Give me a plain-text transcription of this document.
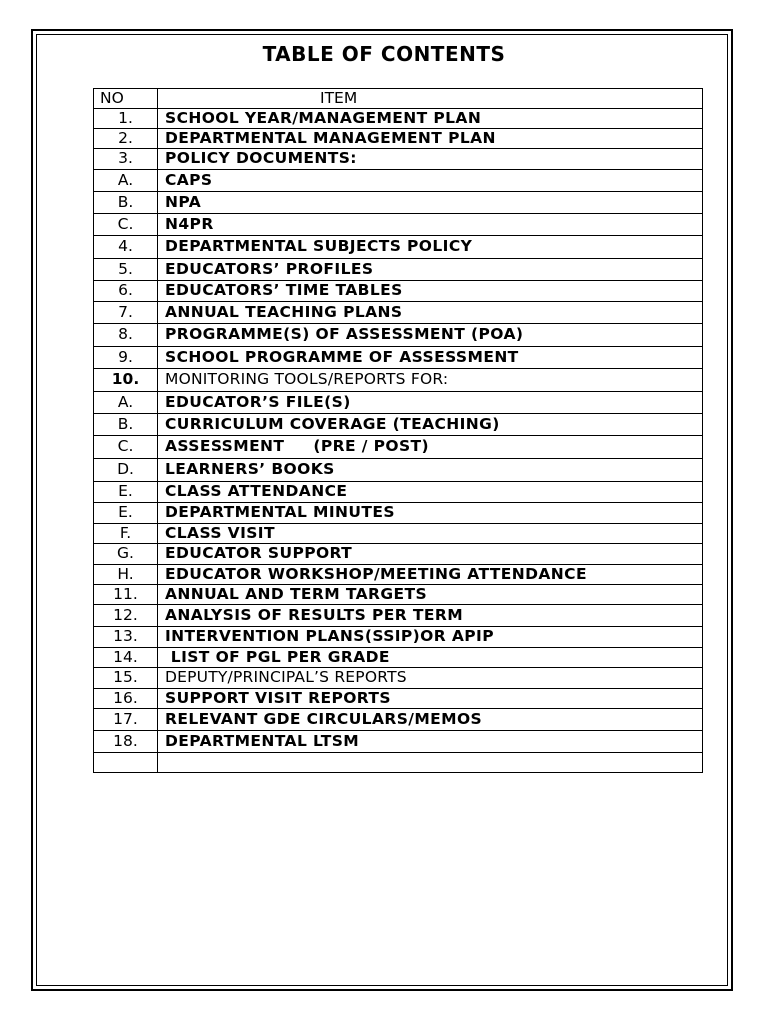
TABLE OF CONTENTS
NO	ITEM
1.	SCHOOL YEAR/MANAGEMENT PLAN
2.	DEPARTMENTAL MANAGEMENT PLAN
3.	POLICY DOCUMENTS:
A.	CAPS
B.	NPA
C.	N4PR
4.	DEPARTMENTAL SUBJECTS POLICY
5.	EDUCATORS’ PROFILES
6.	EDUCATORS’ TIME TABLES
7.	ANNUAL TEACHING PLANS
8.	PROGRAMME(S) OF ASSESSMENT (POA)
9.	SCHOOL PROGRAMME OF ASSESSMENT
10.	MONITORING TOOLS/REPORTS FOR:
A.	EDUCATOR’S FILE(S)
B.	CURRICULUM COVERAGE (TEACHING)
C.	ASSESSMENT     (PRE / POST)
D.	LEARNERS’ BOOKS
E.	CLASS ATTENDANCE
E.	DEPARTMENTAL MINUTES
F.	CLASS VISIT
G.	EDUCATOR SUPPORT
H.	EDUCATOR WORKSHOP/MEETING ATTENDANCE
11.	ANNUAL AND TERM TARGETS
12.	ANALYSIS OF RESULTS PER TERM
13.	INTERVENTION PLANS(SSIP)OR APIP
14.	LIST OF PGL PER GRADE
15.	DEPUTY/PRINCIPAL’S REPORTS
16.	SUPPORT VISIT REPORTS
17.	RELEVANT GDE CIRCULARS/MEMOS
18.	DEPARTMENTAL LTSM
